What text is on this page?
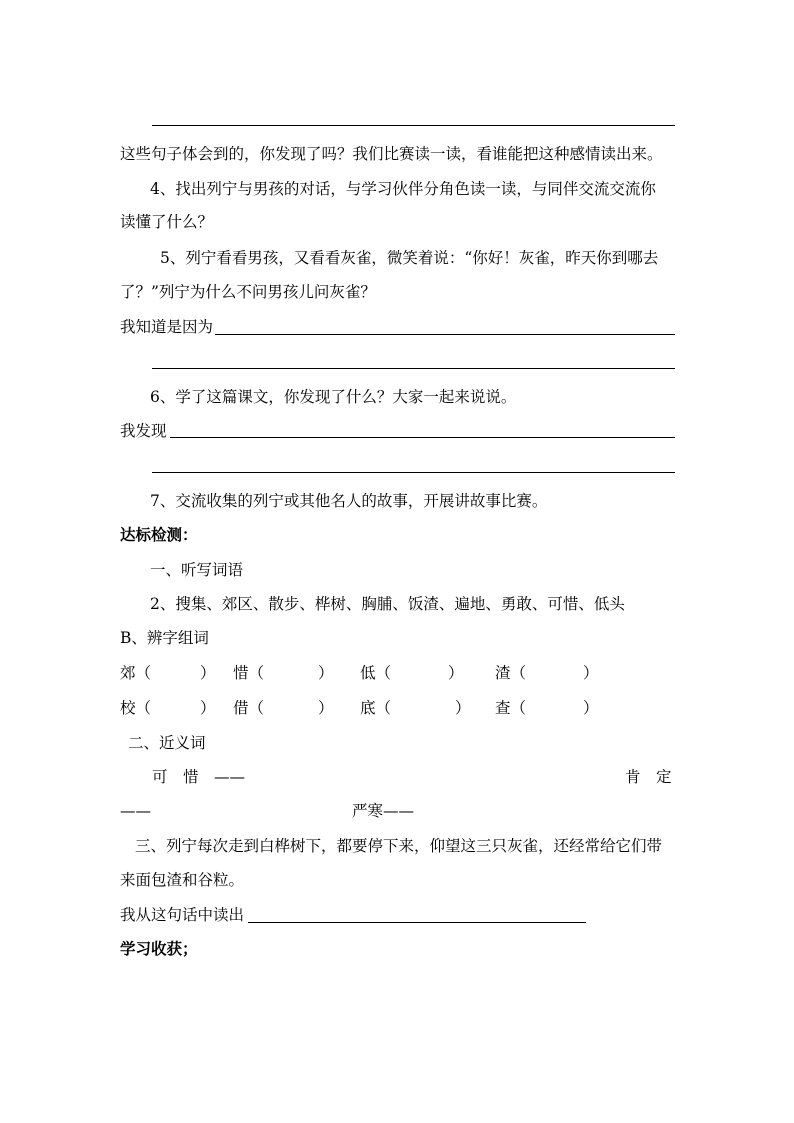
这些句子体会到的，你发现了吗？我们比赛读一读，看谁能把这种感情读出来。
4、找出列宁与男孩的对话，与学习伙伴分角色读一读，与同伴交流交流你
读懂了什么？
5、列宁看看男孩，又看看灰雀，微笑着说：“你好！灰雀，昨天你到哪去
了？”列宁为什么不问男孩儿问灰雀？
我知道是因为
6、学了这篇课文，你发现了什么？大家一起来说说。
我发现
7、交流收集的列宁或其他名人的故事，开展讲故事比赛。
达标检测：
一、听写词语
2、搜集、郊区、散步、桦树、胸脯、饭渣、遍地、勇敢、可惜、低头
B、辨字组词
郊（	） 惜（	） 低（	） 渣（	）
校（	） 借（	） 底（	） 查（	）
二、近义词
可　惜　——	肯　定
——	严寒——
三、列宁每次走到白桦树下，都要停下来，仰望这三只灰雀，还经常给它们带
来面包渣和谷粒。
我从这句话中读出
学习收获；
